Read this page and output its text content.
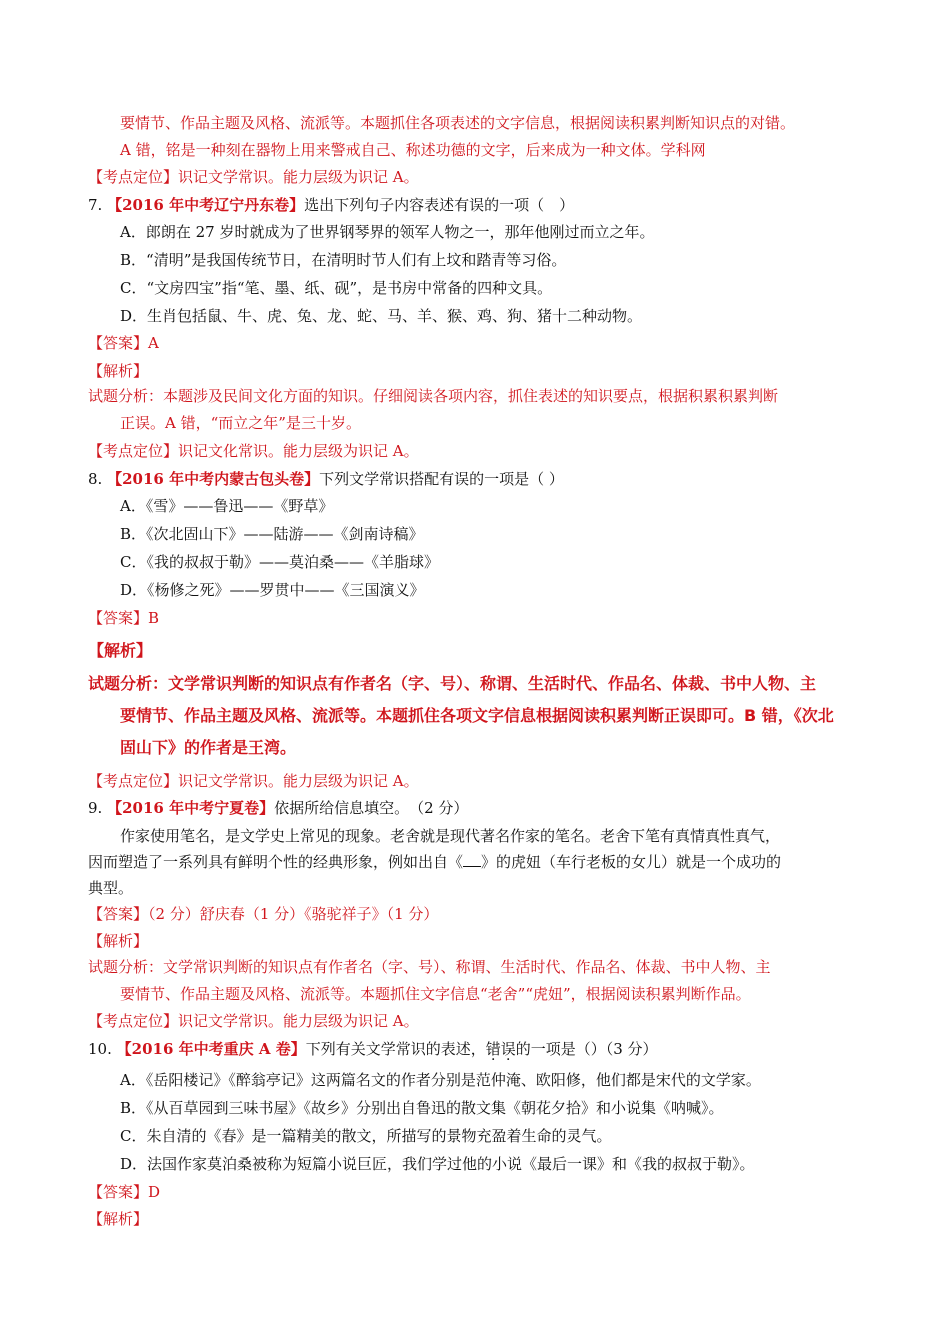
要情节、作品主题及风格、流派等。本题抓住各项表述的文字信息，根据阅读积累判断知识点的对错。
A 错，铭是一种刻在器物上用来警戒自己、称述功德的文字，后来成为一种文体。学科网
【考点定位】识记文学常识。能力层级为识记 A。
7. 【2016 年中考辽宁丹东卷】选出下列句子内容表述有误的一项（　）
A．郎朗在 27 岁时就成为了世界钢琴界的领军人物之一，那年他刚过而立之年。
B．“清明”是我国传统节日，在清明时节人们有上坟和踏青等习俗。
C．“文房四宝”指“笔、墨、纸、砚”，是书房中常备的四种文具。
D．生肖包括鼠、牛、虎、兔、龙、蛇、马、羊、猴、鸡、狗、猪十二种动物。
【答案】A
【解析】
试题分析：本题涉及民间文化方面的知识。仔细阅读各项内容，抓住表述的知识要点，根据积累积累判断
正误。A 错，“而立之年”是三十岁。
【考点定位】识记文化常识。能力层级为识记 A。
8. 【2016 年中考内蒙古包头卷】下列文学常识搭配有误的一项是（ ）
A．《雪》——鲁迅——《野草》
B．《次北固山下》——陆游——《剑南诗稿》
C．《我的叔叔于勒》——莫泊桑——《羊脂球》
D．《杨修之死》——罗贯中——《三国演义》
【答案】B
【解析】
试题分析：文学常识判断的知识点有作者名（字、号）、称谓、生活时代、作品名、体裁、书中人物、主
要情节、作品主题及风格、流派等。本题抓住各项文字信息根据阅读积累判断正误即可。B 错，《次北
固山下》的作者是王湾。
【考点定位】识记文学常识。能力层级为识记 A。
9. 【2016 年中考宁夏卷】依据所给信息填空。　（2 分）
作家使用笔名，是文学史上常见的现象。老舍就是现代著名作家的笔名。老舍下笔有真情真性真气，
因而塑造了一系列具有鲜明个性的经典形象，例如出自《 》的虎妞（车行老板的女儿）就是一个成功的
典型。
【答案】（2 分）舒庆春（1 分）《骆驼祥子》（1 分）
【解析】
试题分析：文学常识判断的知识点有作者名（字、号）、称谓、生活时代、作品名、体裁、书中人物、主
要情节、作品主题及风格、流派等。本题抓住文字信息“老舍”“虎妞”，根据阅读积累判断作品。
【考点定位】识记文学常识。能力层级为识记 A。
10. 【2016 年中考重庆 A 卷】下列有关文学常识的表述，错误的一项是（）（3 分）
A．《岳阳楼记》《醉翁亭记》这两篇名文的作者分别是范仲淹、欧阳修，他们都是宋代的文学家。
B．《从百草园到三味书屋》《故乡》分别出自鲁迅的散文集《朝花夕拾》和小说集《呐喊》。
C．朱自清的《春》是一篇精美的散文，所描写的景物充盈着生命的灵气。
D．法国作家莫泊桑被称为短篇小说巨匠，我们学过他的小说《最后一课》和《我的叔叔于勒》。
【答案】D
【解析】
